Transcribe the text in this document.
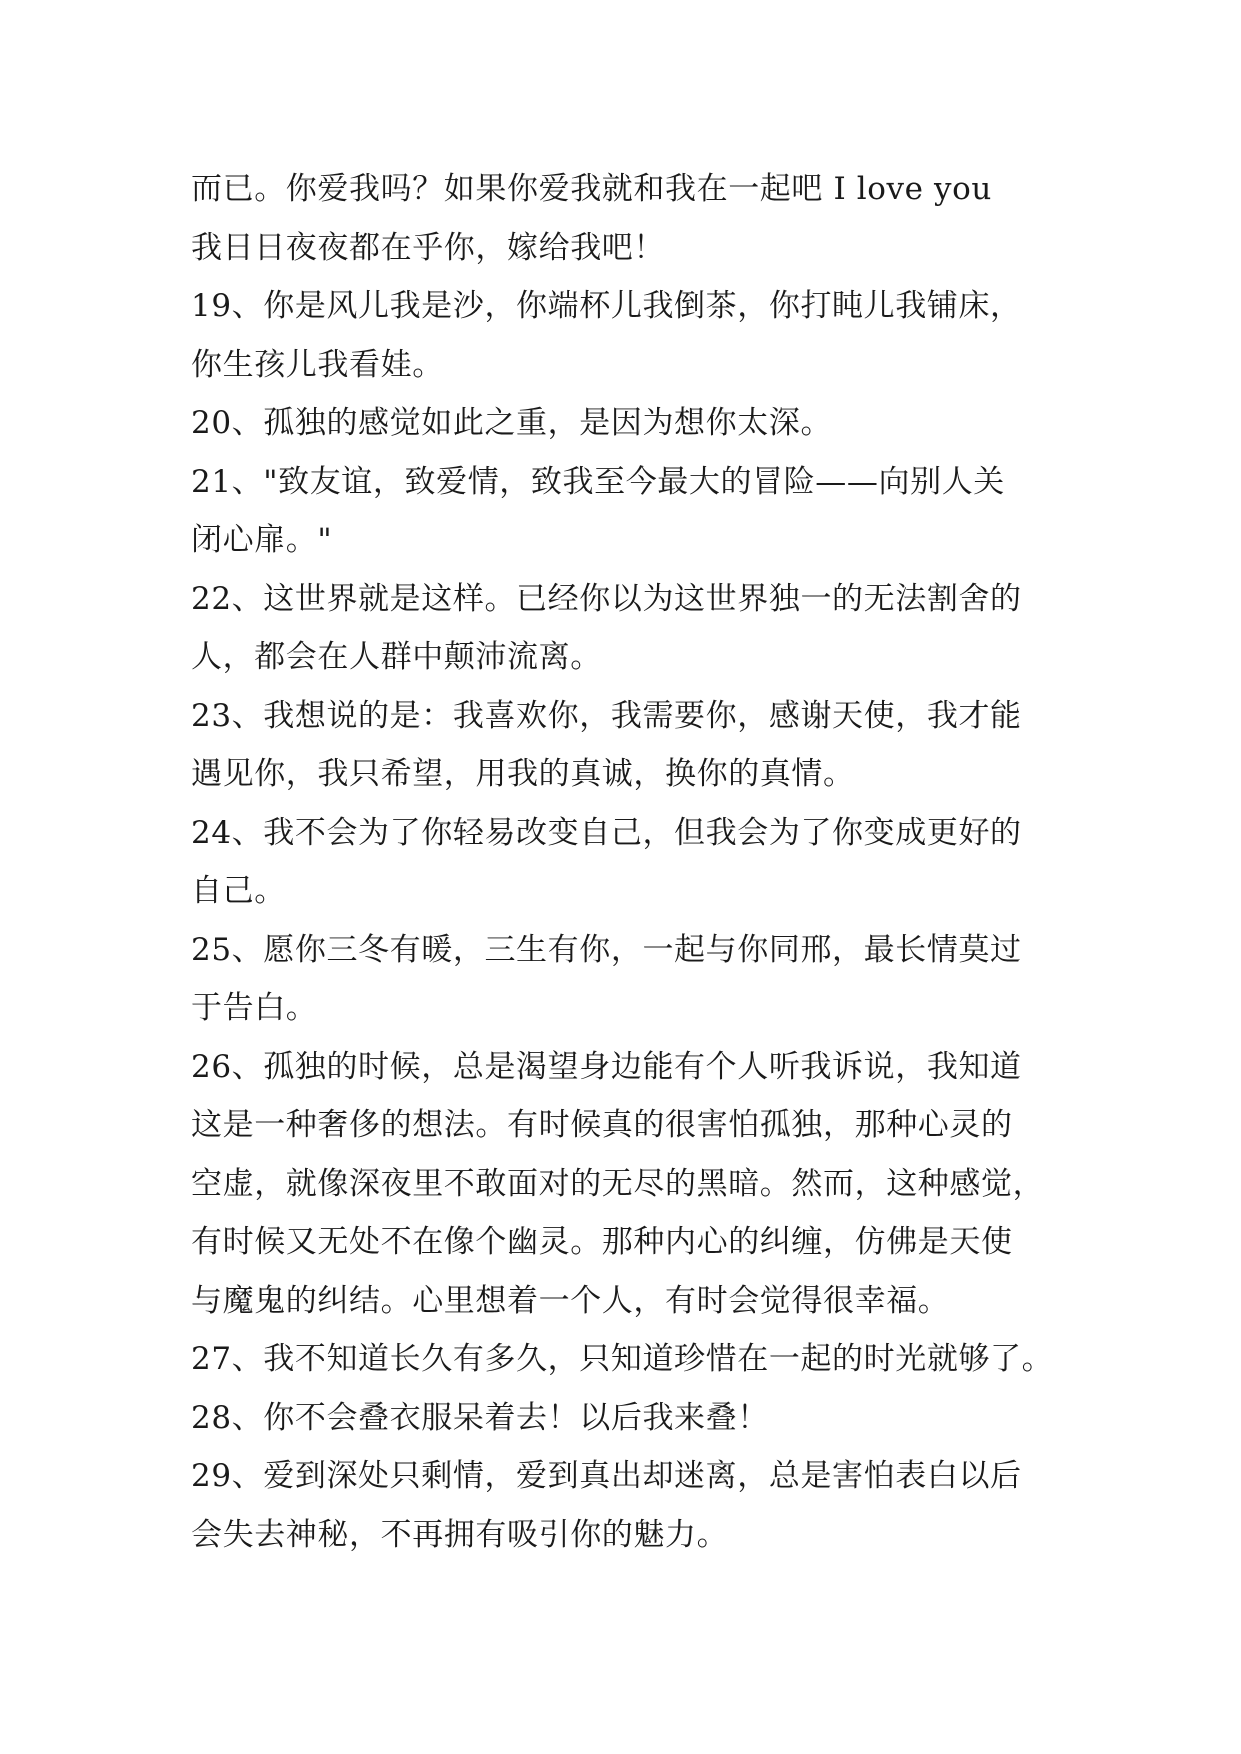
而已。你爱我吗？如果你爱我就和我在一起吧 I love you
我日日夜夜都在乎你，嫁给我吧！
19、你是风儿我是沙，你端杯儿我倒茶，你打盹儿我铺床，
你生孩儿我看娃。
20、孤独的感觉如此之重，是因为想你太深。
21、"致友谊，致爱情，致我至今最大的冒险——向别人关
闭心扉。"
22、这世界就是这样。已经你以为这世界独一的无法割舍的
人，都会在人群中颠沛流离。
23、我想说的是：我喜欢你，我需要你，感谢天使，我才能
遇见你，我只希望，用我的真诚，换你的真情。
24、我不会为了你轻易改变自己，但我会为了你变成更好的
自己。
25、愿你三冬有暖，三生有你，一起与你同邢，最长情莫过
于告白。
26、孤独的时候，总是渴望身边能有个人听我诉说，我知道
这是一种奢侈的想法。有时候真的很害怕孤独，那种心灵的
空虚，就像深夜里不敢面对的无尽的黑暗。然而，这种感觉，
有时候又无处不在像个幽灵。那种内心的纠缠，仿佛是天使
与魔鬼的纠结。心里想着一个人，有时会觉得很幸福。
27、我不知道长久有多久，只知道珍惜在一起的时光就够了。
28、你不会叠衣服呆着去！以后我来叠！
29、爱到深处只剩情，爱到真出却迷离，总是害怕表白以后
会失去神秘，不再拥有吸引你的魅力。
